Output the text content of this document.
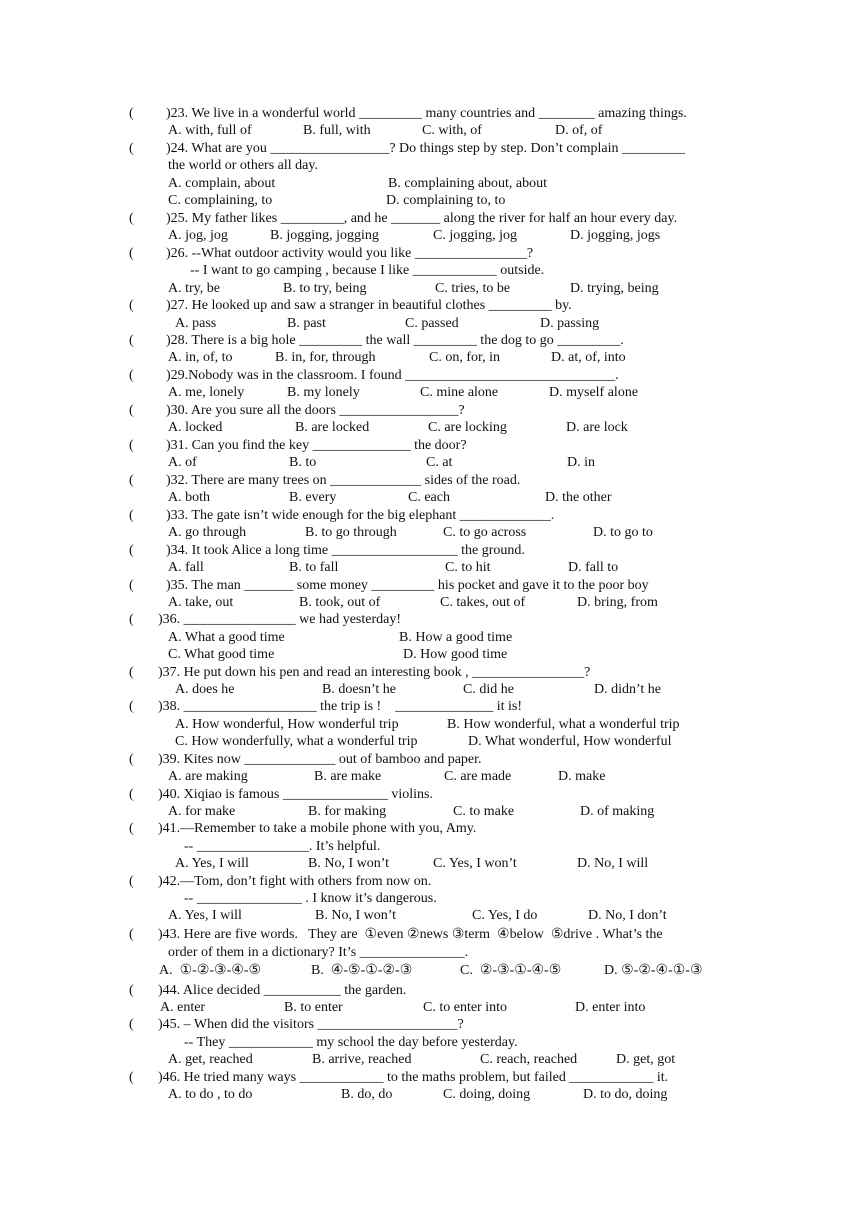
( )23. We live in a wonderful world _________ many countries and ________ amazing things.
A. with, full of	B. full, with	C. with, of	D. of, of
( )24. What are you _________________? Do things step by step. Don’t complain _________
the world or others all day.
A. complain, about	B. complaining about, about
C. complaining, to	D. complaining to, to
( )25. My father likes _________, and he _______ along the river for half an hour every day.
A. jog, jog	B. jogging, jogging	C. jogging, jog	D. jogging, jogs
( )26. --What outdoor activity would you like ________________?
-- I want to go camping , because I like ____________ outside.
A. try, be	B. to try, being	C. tries, to be	D. trying, being
( )27. He looked up and saw a stranger in beautiful clothes _________ by.
A. pass	B. past	C. passed	D. passing
( )28. There is a big hole _________ the wall _________ the dog to go _________.
A. in, of, to	B. in, for, through	C. on, for, in	D. at, of, into
( )29.Nobody was in the classroom. I found ______________________________.
A. me, lonely	B. my lonely	C. mine alone	D. myself alone
( )30. Are you sure all the doors _________________?
A. locked	B. are locked	C. are locking	D. are lock
( )31. Can you find the key ______________ the door?
A. of	B. to	C. at	D. in
( )32. There are many trees on _____________ sides of the road.
A. both	B. every	C. each	D. the other
( )33. The gate isn’t wide enough for the big elephant _____________.
A. go through	B. to go through	C. to go across	D. to go to
( )34. It took Alice a long time __________________ the ground.
A. fall	B. to fall	C. to hit	D. fall to
( )35. The man _______ some money _________ his pocket and gave it to the poor boy
A. take, out	B. took, out of	C. takes, out of	D. bring, from
( )36. ________________ we had yesterday!
A. What a good time	B. How a good time
C. What good time	D. How good time
( )37. He put down his pen and read an interesting book , ________________?
A. does he	B. doesn’t he	C. did he	D. didn’t he
( )38. ___________________ the trip is !    ______________ it is!
A. How wonderful, How wonderful trip	B. How wonderful, what a wonderful trip
C. How wonderfully, what a wonderful trip	D. What wonderful, How wonderful
( )39. Kites now _____________ out of bamboo and paper.
A. are making	B. are make	C. are made	D. make
( )40. Xiqiao is famous _______________ violins.
A. for make	B. for making	C. to make	D. of making
( )41.—Remember to take a mobile phone with you, Amy.
-- ________________. It’s helpful.
A. Yes, I will	B. No, I won’t	C. Yes, I won’t	D. No, I will
( )42.—Tom, don’t fight with others from now on.
-- _______________ . I know it’s dangerous.
A. Yes, I will	B. No, I won’t	C. Yes, I do	D. No, I don’t
( )43. Here are five words.   They are  ①even ②news ③term  ④below  ⑤drive . What’s the
order of them in a dictionary? It’s _______________.
A.  ①-②-③-④-⑤	B.  ④-⑤-①-②-③	C.  ②-③-①-④-⑤	D. ⑤-②-④-①-③
( )44. Alice decided ___________ the garden.
A. enter	B. to enter	C. to enter into	D. enter into
( )45. – When did the visitors ____________________?
-- They ____________ my school the day before yesterday.
A. get, reached	B. arrive, reached	C. reach, reached	D. get, got
( )46. He tried many ways ____________ to the maths problem, but failed ____________ it.
A. to do , to do	B. do, do	C. doing, doing	D. to do, doing
